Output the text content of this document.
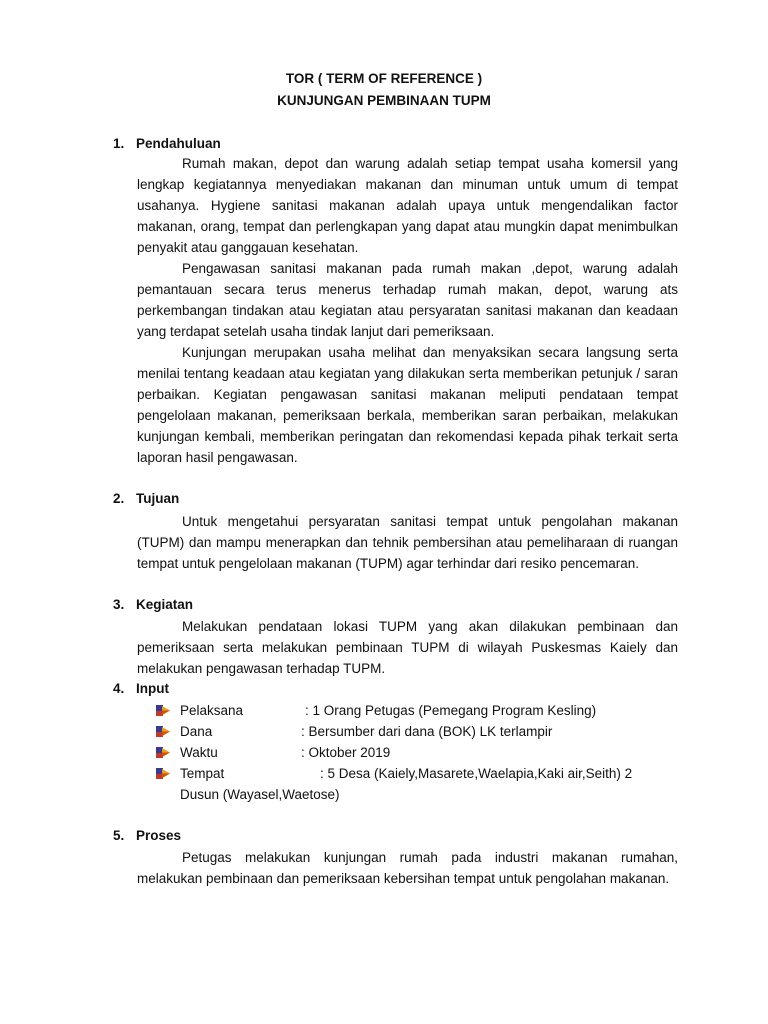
TOR ( TERM OF REFERENCE )
KUNJUNGAN PEMBINAAN TUPM
1. Pendahuluan

Rumah makan, depot dan warung adalah setiap tempat usaha komersil yang lengkap kegiatannya menyediakan makanan dan minuman untuk umum di tempat usahanya. Hygiene sanitasi makanan adalah upaya untuk mengendalikan factor makanan, orang, tempat dan perlengkapan yang dapat atau mungkin dapat menimbulkan penyakit atau ganggauan kesehatan.

Pengawasan sanitasi makanan pada rumah makan ,depot, warung adalah pemantauan secara terus menerus terhadap rumah makan, depot, warung ats perkembangan tindakan atau kegiatan atau persyaratan sanitasi makanan dan keadaan yang terdapat setelah usaha tindak lanjut dari pemeriksaan.

Kunjungan merupakan usaha melihat dan menyaksikan secara langsung serta menilai tentang keadaan atau kegiatan yang dilakukan serta memberikan petunjuk / saran perbaikan. Kegiatan pengawasan sanitasi makanan meliputi pendataan tempat pengelolaan makanan, pemeriksaan berkala, memberikan saran perbaikan, melakukan kunjungan kembali, memberikan peringatan dan rekomendasi kepada pihak terkait serta laporan hasil pengawasan.

2. Tujuan

Untuk mengetahui persyaratan sanitasi tempat untuk pengolahan makanan (TUPM) dan mampu menerapkan dan tehnik pembersihan atau pemeliharaan di ruangan tempat untuk pengelolaan makanan (TUPM) agar terhindar dari resiko pencemaran.

3. Kegiatan

Melakukan pendataan lokasi TUPM yang akan dilakukan pembinaan dan pemeriksaan serta melakukan pembinaan TUPM di wilayah Puskesmas Kaiely dan melakukan pengawasan terhadap TUPM.

4. Input
Pelaksana	: 1 Orang Petugas (Pemegang Program Kesling)
Dana	: Bersumber dari dana (BOK) LK terlampir
Waktu	: Oktober 2019
Tempat	: 5 Desa (Kaiely,Masarete,Waelapia,Kaki air,Seith) 2
Dusun (Wayasel,Waetose)
5. Proses

Petugas melakukan kunjungan rumah pada industri makanan rumahan, melakukan pembinaan dan pemeriksaan kebersihan tempat untuk pengolahan makanan.
